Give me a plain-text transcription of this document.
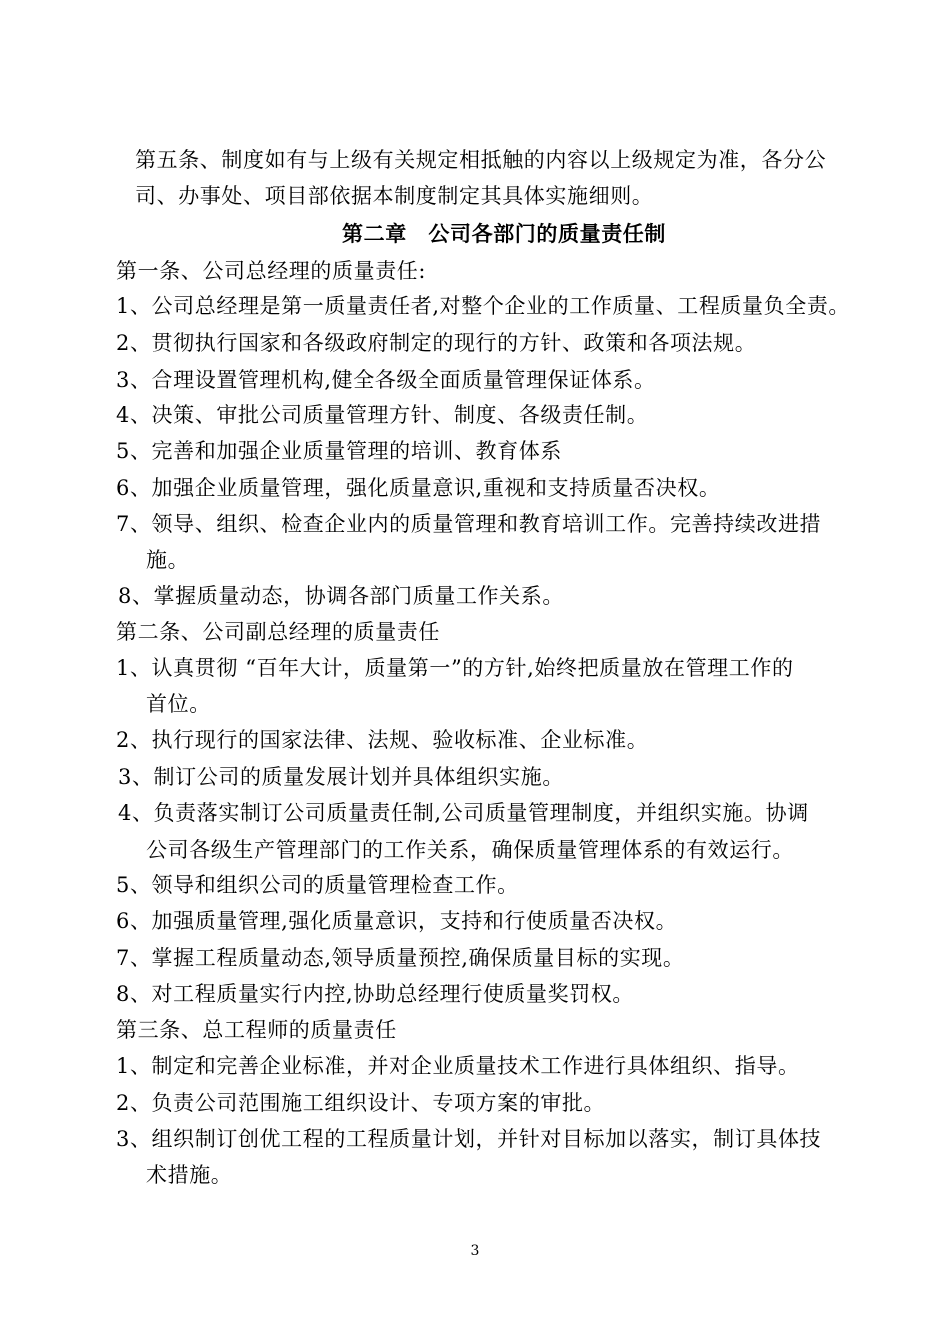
第五条、制度如有与上级有关规定相抵触的内容以上级规定为准，各分公
司、办事处、项目部依据本制度制定其具体实施细则。
第二章　公司各部门的质量责任制
第一条、公司总经理的质量责任:
1、公司总经理是第一质量责任者,对整个企业的工作质量、工程质量负全责。
2、贯彻执行国家和各级政府制定的现行的方针、政策和各项法规。
3、合理设置管理机构,健全各级全面质量管理保证体系。
4、决策、审批公司质量管理方针、制度、各级责任制。
5、完善和加强企业质量管理的培训、教育体系
6、加强企业质量管理，强化质量意识,重视和支持质量否决权。
7、领导、组织、检查企业内的质量管理和教育培训工作。完善持续改进措
施。
8、掌握质量动态，协调各部门质量工作关系。
第二条、公司副总经理的质量责任
1、认真贯彻 “百年大计，质量第一”的方针,始终把质量放在管理工作的
首位。
2、执行现行的国家法律、法规、验收标准、企业标准。
3、制订公司的质量发展计划并具体组织实施。
4、负责落实制订公司质量责任制,公司质量管理制度，并组织实施。协调
公司各级生产管理部门的工作关系，确保质量管理体系的有效运行。
5、领导和组织公司的质量管理检查工作。
6、加强质量管理,强化质量意识，支持和行使质量否决权。
7、掌握工程质量动态,领导质量预控,确保质量目标的实现。
8、对工程质量实行内控,协助总经理行使质量奖罚权。
第三条、总工程师的质量责任
1、制定和完善企业标准，并对企业质量技术工作进行具体组织、指导。
2、负责公司范围施工组织设计、专项方案的审批。
3、组织制订创优工程的工程质量计划，并针对目标加以落实，制订具体技
术措施。
3
